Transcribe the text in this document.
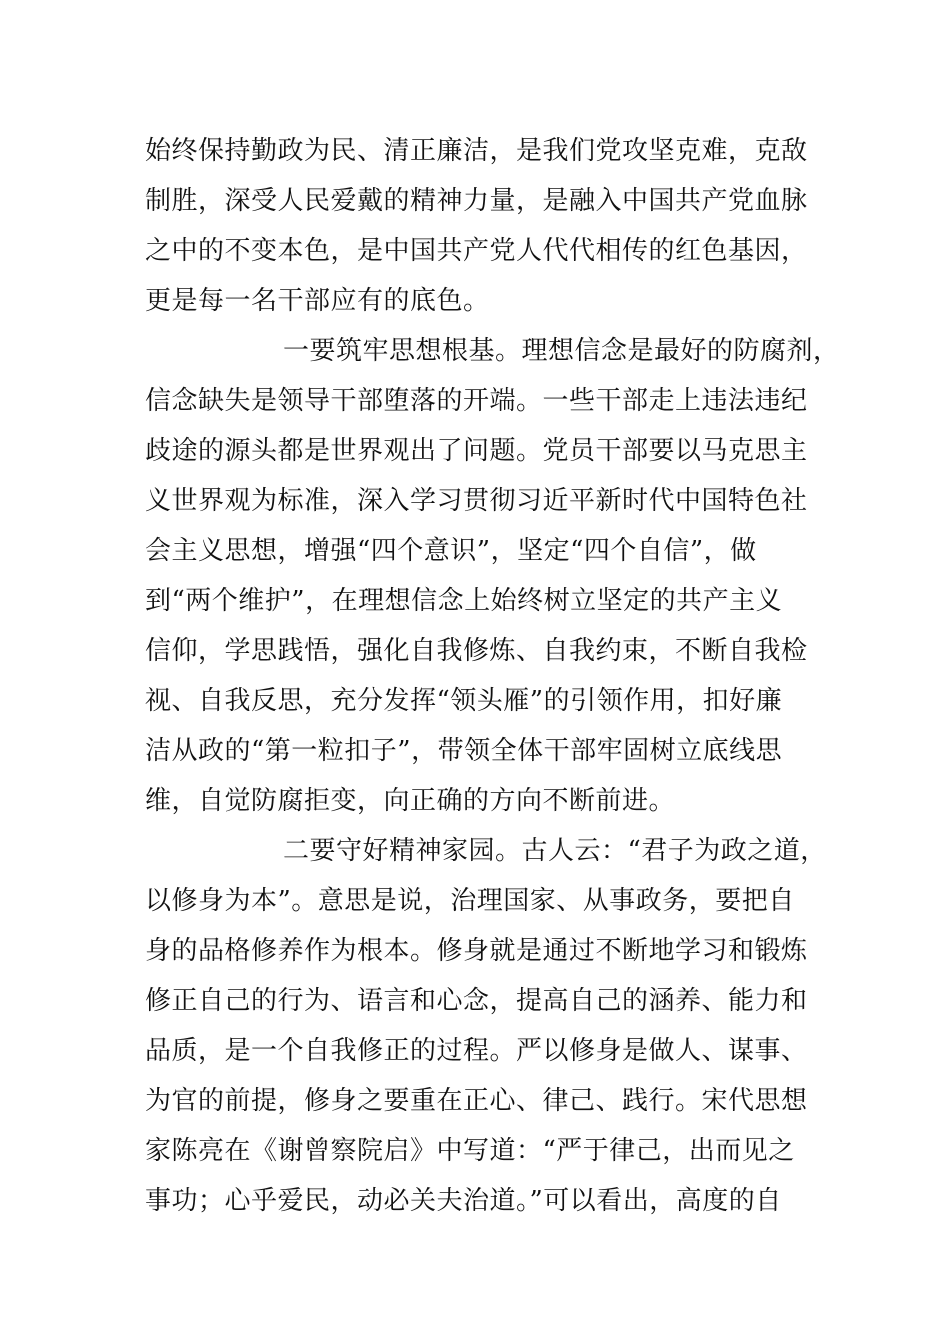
始终保持勤政为民、清正廉洁，是我们党攻坚克难，克敌
制胜，深受人民爱戴的精神力量，是融入中国共产党血脉
之中的不变本色，是中国共产党人代代相传的红色基因，
更是每一名干部应有的底色。
一要筑牢思想根基。理想信念是最好的防腐剂，
信念缺失是领导干部堕落的开端。一些干部走上违法违纪
歧途的源头都是世界观出了问题。党员干部要以马克思主
义世界观为标准，深入学习贯彻习近平新时代中国特色社
会主义思想，增强“四个意识”，坚定“四个自信”，做
到“两个维护”，在理想信念上始终树立坚定的共产主义
信仰，学思践悟，强化自我修炼、自我约束，不断自我检
视、自我反思，充分发挥“领头雁”的引领作用，扣好廉
洁从政的“第一粒扣子”，带领全体干部牢固树立底线思
维，自觉防腐拒变，向正确的方向不断前进。
二要守好精神家园。古人云：“君子为政之道，
以修身为本”。意思是说，治理国家、从事政务，要把自
身的品格修养作为根本。修身就是通过不断地学习和锻炼
修正自己的行为、语言和心念，提高自己的涵养、能力和
品质，是一个自我修正的过程。严以修身是做人、谋事、
为官的前提，修身之要重在正心、律己、践行。宋代思想
家陈亮在《谢曾察院启》中写道：“严于律己，出而见之
事功；心乎爱民，动必关夫治道。”可以看出，高度的自
